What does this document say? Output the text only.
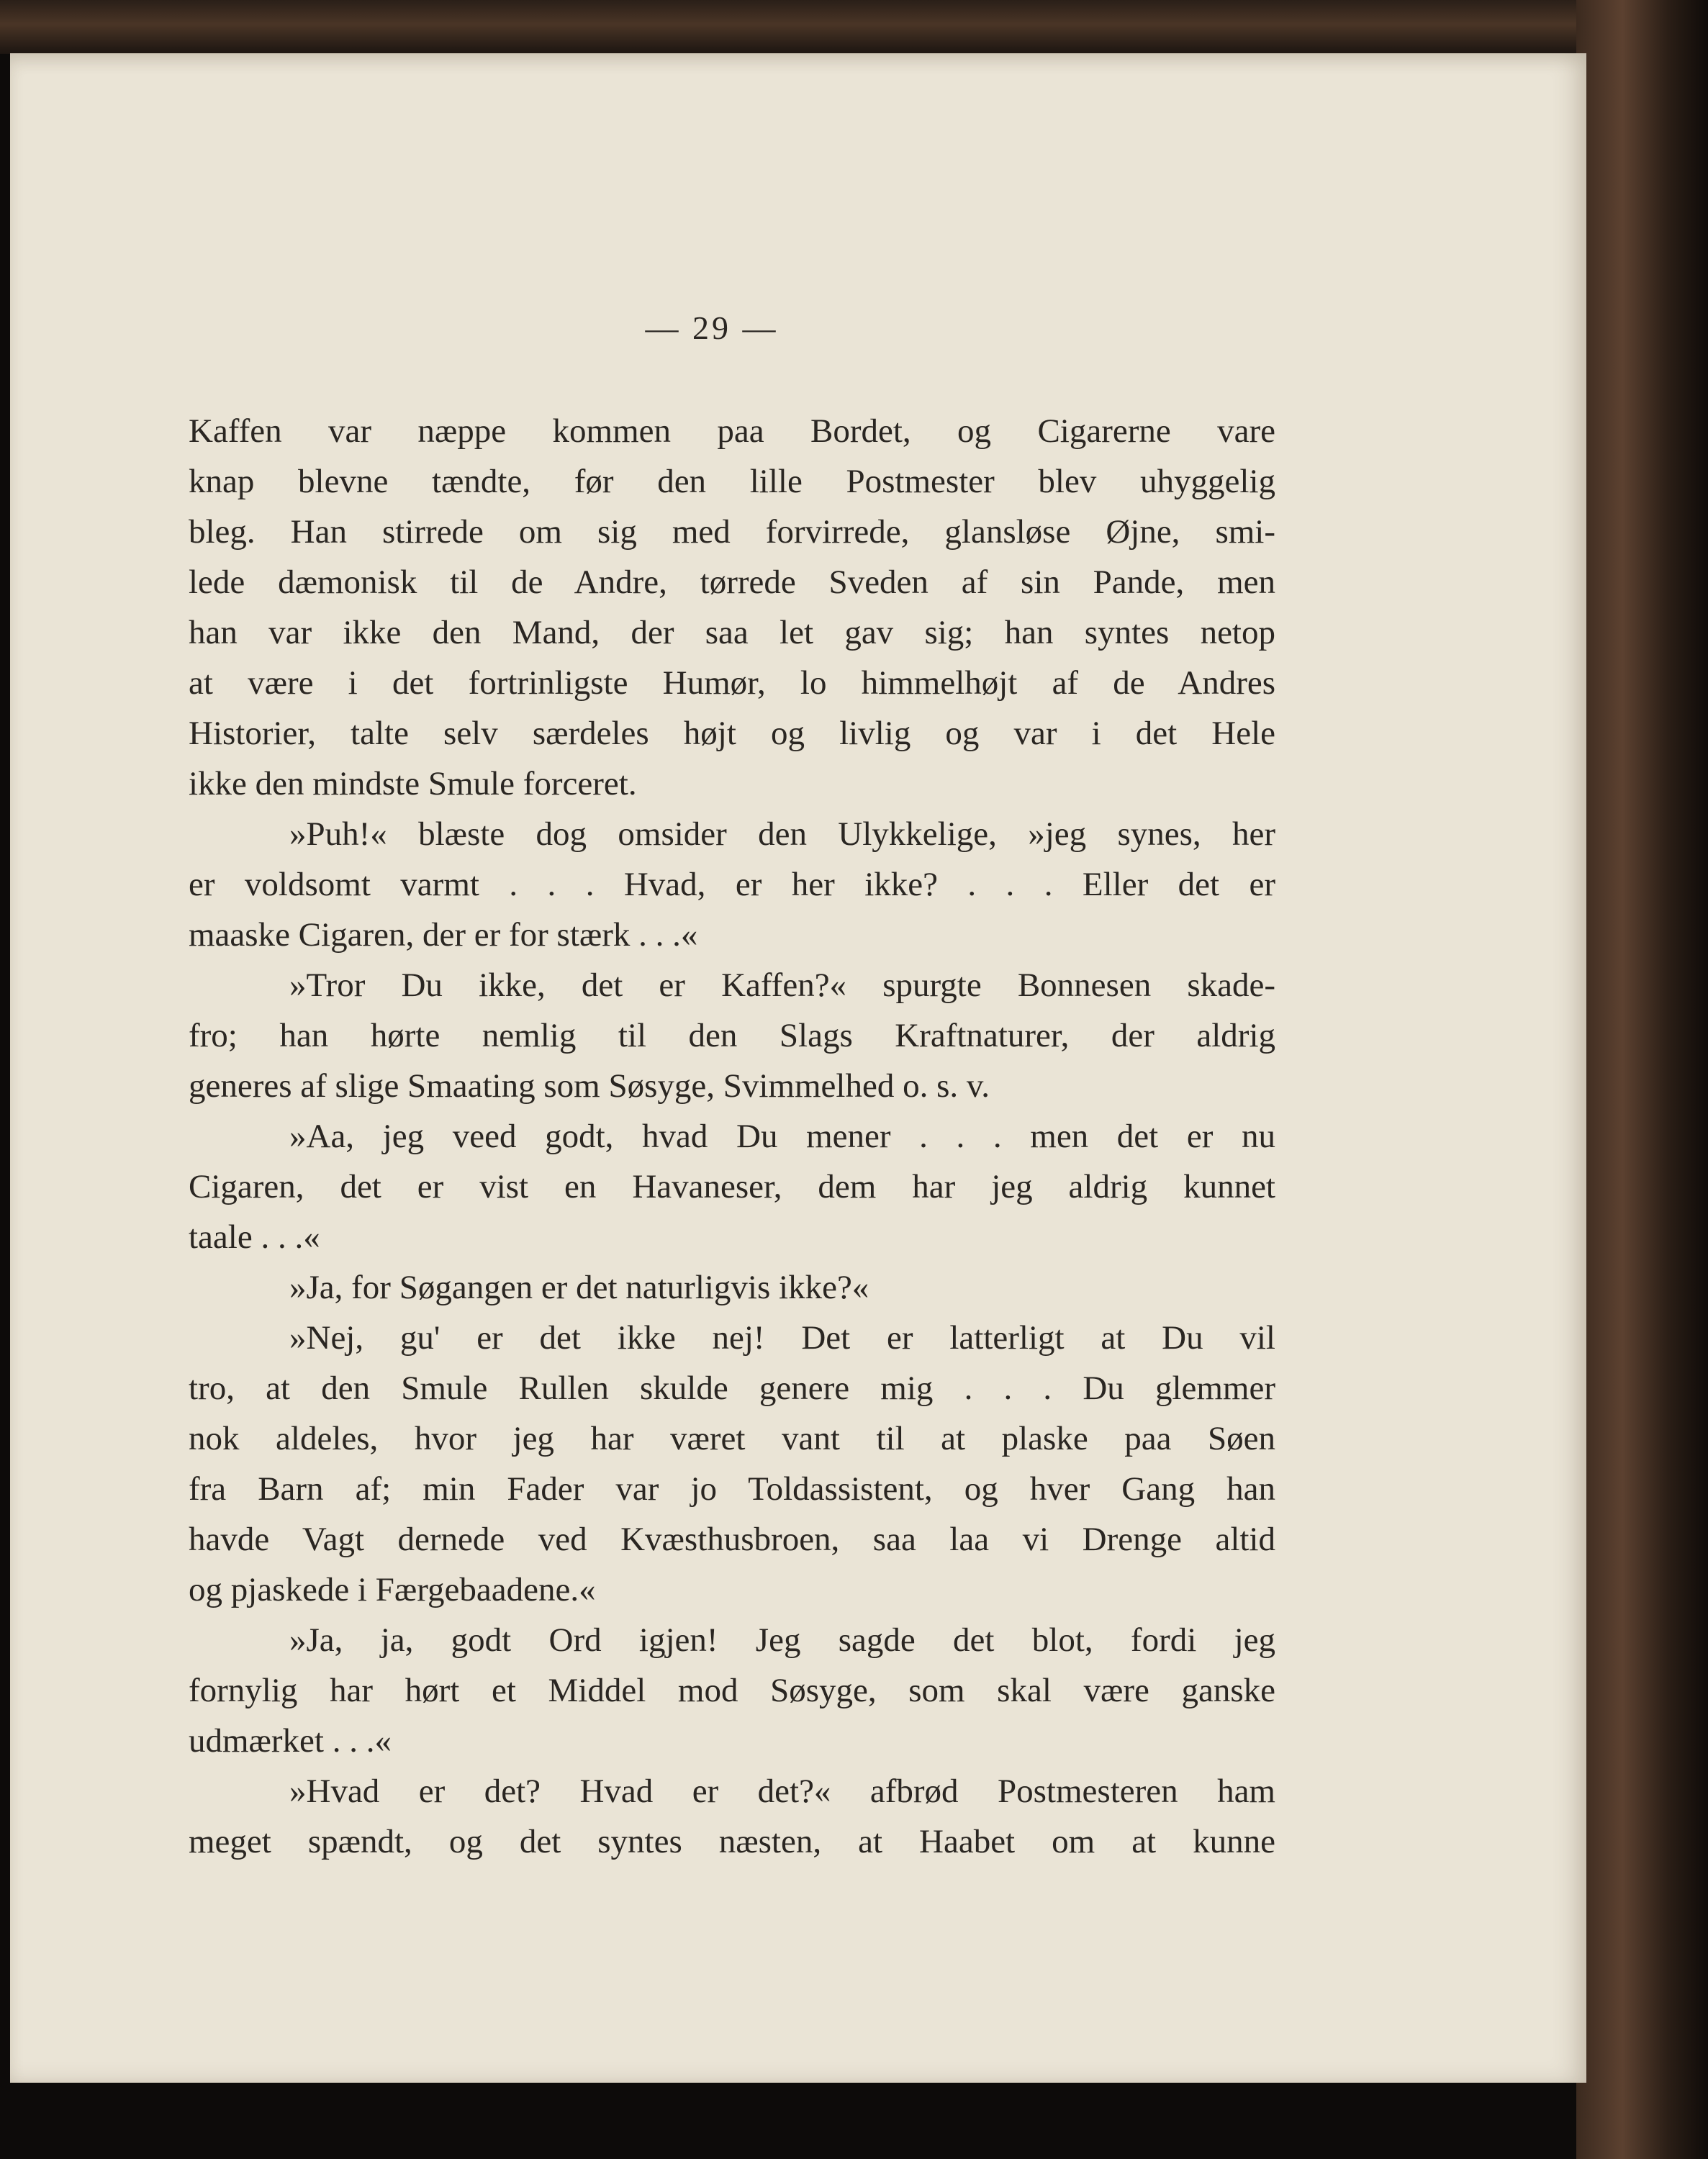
— 29 —
Kaffen var næppe kommen paa Bordet, og Cigarerne vare
knap blevne tændte, før den lille Postmester blev uhyggelig
bleg. Han stirrede om sig med forvirrede, glansløse Øjne, smi-
lede dæmonisk til de Andre, tørrede Sveden af sin Pande, men
han var ikke den Mand, der saa let gav sig; han syntes netop
at være i det fortrinligste Humør, lo himmelhøjt af de Andres
Historier, talte selv særdeles højt og livlig og var i det Hele
ikke den mindste Smule forceret.
»Puh!« blæste dog omsider den Ulykkelige, »jeg synes, her
er voldsomt varmt . . . Hvad, er her ikke? . . . Eller det er
maaske Cigaren, der er for stærk . . .«
»Tror Du ikke, det er Kaffen?« spurgte Bonnesen skade-
fro; han hørte nemlig til den Slags Kraftnaturer, der aldrig
generes af slige Smaating som Søsyge, Svimmelhed o. s. v.
»Aa, jeg veed godt, hvad Du mener . . . men det er nu
Cigaren, det er vist en Havaneser, dem har jeg aldrig kunnet
taale . . .«
»Ja, for Søgangen er det naturligvis ikke?«
»Nej, gu' er det ikke nej! Det er latterligt at Du vil
tro, at den Smule Rullen skulde genere mig . . . Du glemmer
nok aldeles, hvor jeg har været vant til at plaske paa Søen
fra Barn af; min Fader var jo Toldassistent, og hver Gang han
havde Vagt dernede ved Kvæsthusbroen, saa laa vi Drenge altid
og pjaskede i Færgebaadene.«
»Ja, ja, godt Ord igjen! Jeg sagde det blot, fordi jeg
fornylig har hørt et Middel mod Søsyge, som skal være ganske
udmærket . . .«
»Hvad er det? Hvad er det?« afbrød Postmesteren ham
meget spændt, og det syntes næsten, at Haabet om at kunne
